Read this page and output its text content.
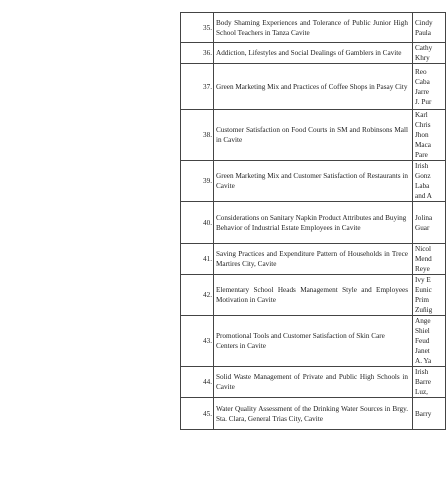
35.	Body Shaming Experiences and Tolerance of Public Junior High School Teachers in Tanza Cavite	Cindy
Paula

36.	Addiction, Lifestyles and Social Dealings of Gamblers in Cavite	Cathy
Khry

37.	Green Marketing Mix and Practices of Coffee Shops in Pasay City	Reo
Caba
Jarre
J. Pur

38.	Customer Satisfaction on Food Courts in SM and Robinsons Mall in Cavite	Karl
Chris
Jhon
Maca
Pare

39.	Green Marketing Mix and Customer Satisfaction of Restaurants in Cavite	Irish
Gonz
Laba
and A

40.	Considerations on Sanitary Napkin Product Attributes and Buying Behavior of Industrial Estate Employees in Cavite	Jolina
Guar

41.	Saving Practices and Expenditure Pattern of Households in Trece Martires City, Cavite	Nicol
Mend
Reye

42.	Elementary School Heads Management Style and Employees Motivation in Cavite	Ivy E
Eunic
Prim
Zuñig

43.	Promotional Tools and Customer Satisfaction of Skin Care Centers in Cavite	Ange
Shiel
Feud
Janet
A. Ya

44.	Solid Waste Management of Private and Public High Schools in Cavite	Irish
Barre
Luz,

45.	Water Quality Assessment of the Drinking Water Sources in Brgy. Sta. Clara, General Trias City, Cavite	Barry
